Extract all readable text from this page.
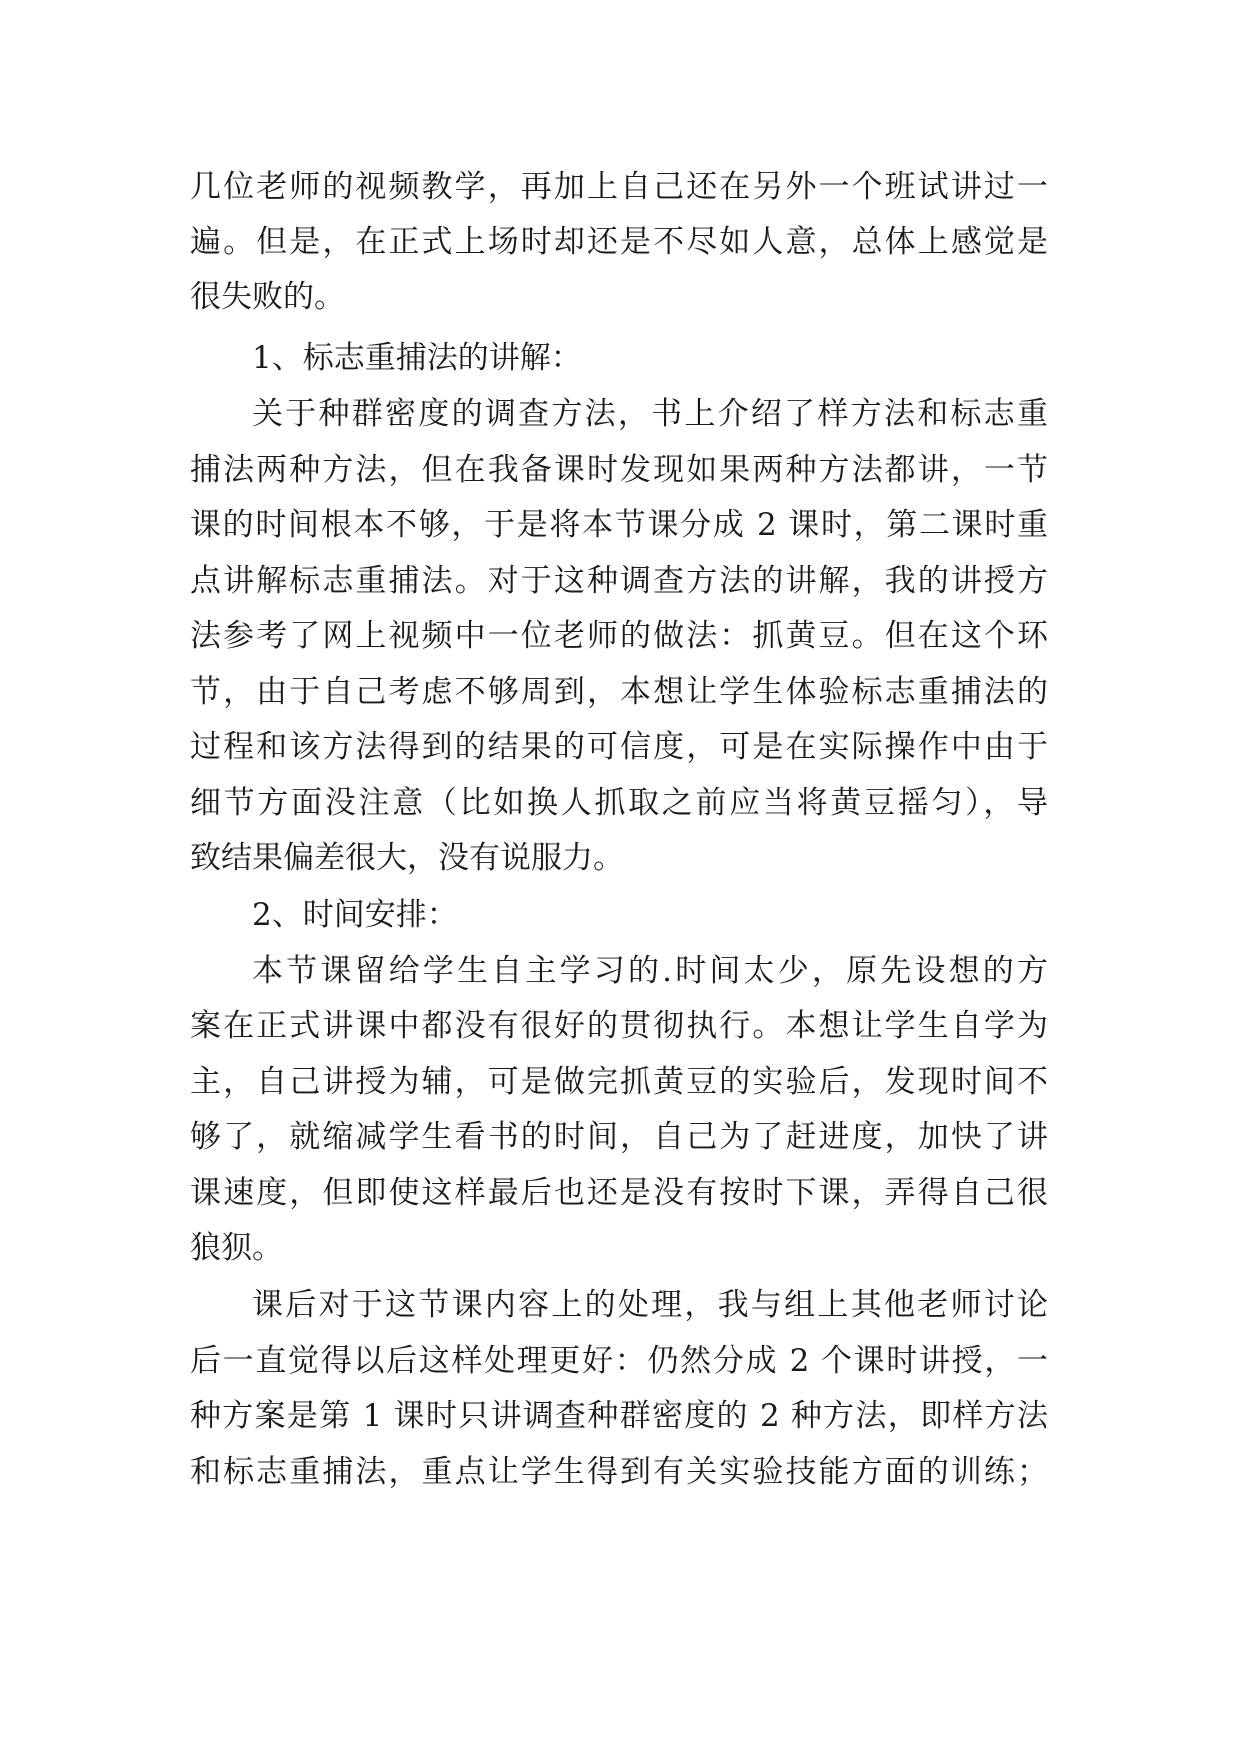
几位老师的视频教学，再加上自己还在另外一个班试讲过一
遍。但是，在正式上场时却还是不尽如人意，总体上感觉是
很失败的。
1、标志重捕法的讲解：
关于种群密度的调查方法，书上介绍了样方法和标志重
捕法两种方法，但在我备课时发现如果两种方法都讲，一节
课的时间根本不够，于是将本节课分成 2 课时，第二课时重
点讲解标志重捕法。对于这种调查方法的讲解，我的讲授方
法参考了网上视频中一位老师的做法：抓黄豆。但在这个环
节，由于自己考虑不够周到，本想让学生体验标志重捕法的
过程和该方法得到的结果的可信度，可是在实际操作中由于
细节方面没注意（比如换人抓取之前应当将黄豆摇匀），导
致结果偏差很大，没有说服力。
2、时间安排：
本节课留给学生自主学习的.时间太少，原先设想的方
案在正式讲课中都没有很好的贯彻执行。本想让学生自学为
主，自己讲授为辅，可是做完抓黄豆的实验后，发现时间不
够了，就缩减学生看书的时间，自己为了赶进度，加快了讲
课速度，但即使这样最后也还是没有按时下课，弄得自己很
狼狈。
课后对于这节课内容上的处理，我与组上其他老师讨论
后一直觉得以后这样处理更好：仍然分成 2 个课时讲授，一
种方案是第 1 课时只讲调查种群密度的 2 种方法，即样方法
和标志重捕法，重点让学生得到有关实验技能方面的训练；
